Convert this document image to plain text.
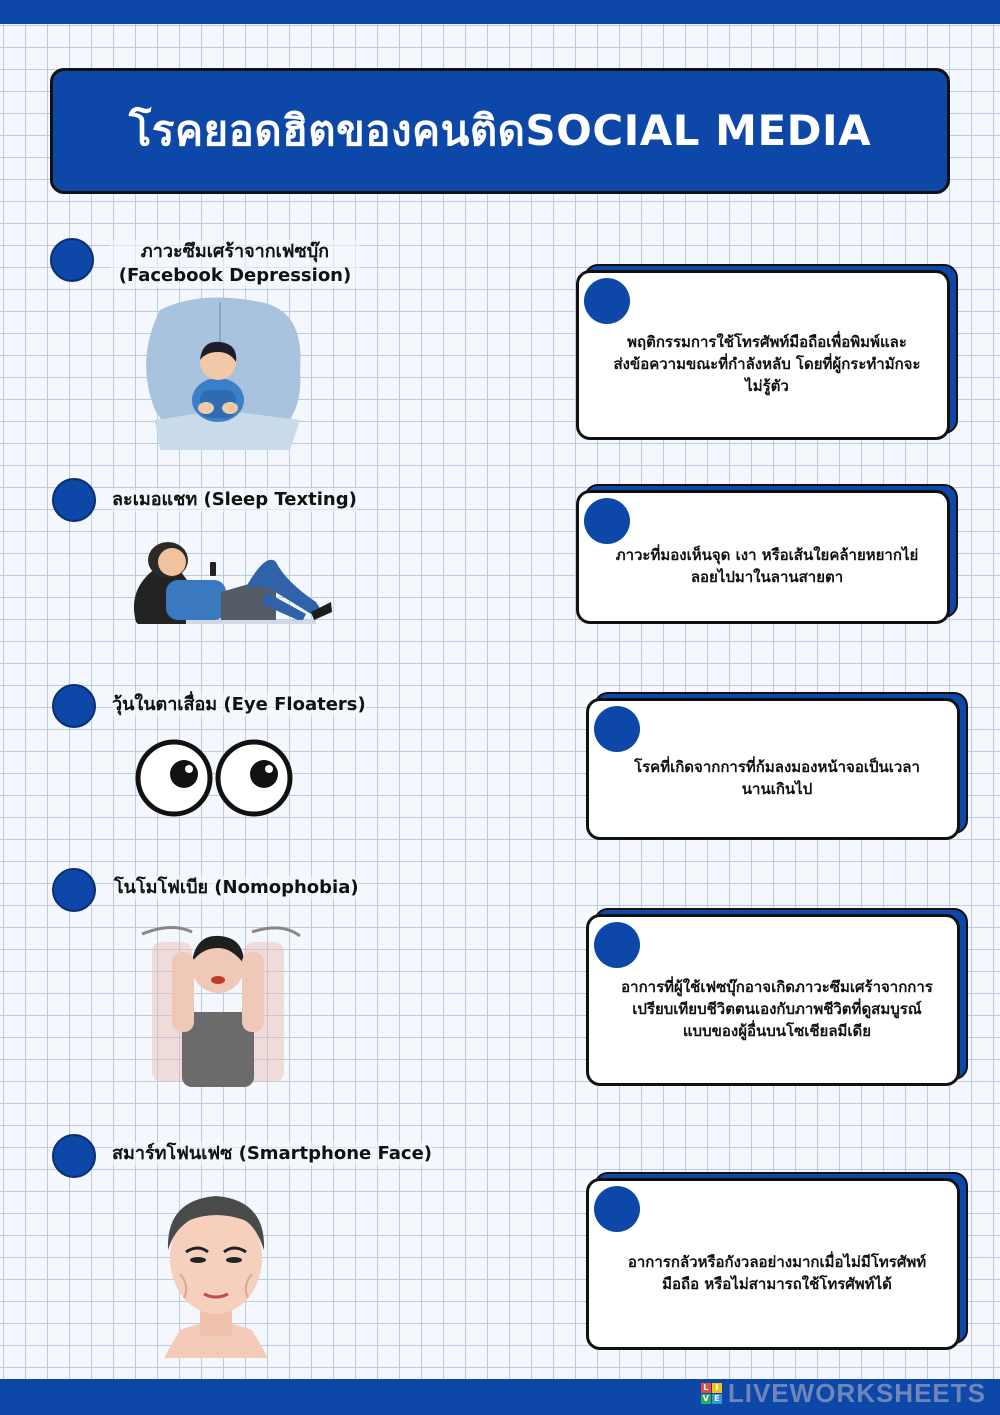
โรคยอดฮิตของคนติดSOCIAL MEDIA
ภาวะซึมเศร้าจากเฟซบุ๊ก
(Facebook Depression)
ละเมอแชท (Sleep Texting)
วุ้นในตาเสื่อม (Eye Floaters)
โนโมโฟเบีย (Nomophobia)
สมาร์ทโฟนเฟซ (Smartphone Face)
พฤติกรรมการใช้โทรศัพท์มือถือเพื่อพิมพ์และ
ส่งข้อความขณะที่กำลังหลับ โดยที่ผู้กระทำมักจะ
ไม่รู้ตัว
ภาวะที่มองเห็นจุด เงา หรือเส้นใยคล้ายหยากไย่
ลอยไปมาในลานสายตา
โรคที่เกิดจากการที่ก้มลงมองหน้าจอเป็นเวลา
นานเกินไป
อาการที่ผู้ใช้เฟซบุ๊กอาจเกิดภาวะซึมเศร้าจากการ
เปรียบเทียบชีวิตตนเองกับภาพชีวิตที่ดูสมบูรณ์
แบบของผู้อื่นบนโซเชียลมีเดีย
อาการกลัวหรือกังวลอย่างมากเมื่อไม่มีโทรศัพท์
มือถือ หรือไม่สามารถใช้โทรศัพท์ได้
L I
V E LIVEWORKSHEETS
